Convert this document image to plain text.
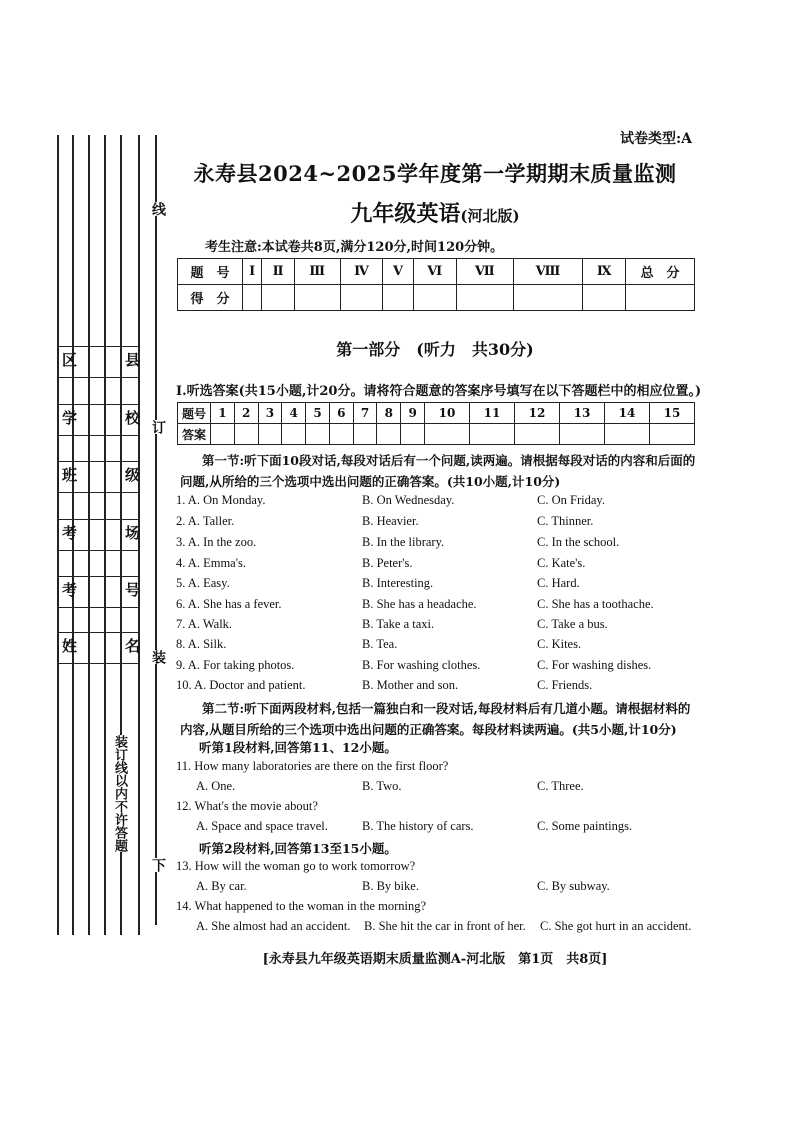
区	县
学	校
班	级
考	场
考	号
姓	名
线
订
装
下
装订线以内不许答题
试卷类型:A
永寿县2024~2025学年度第一学期期末质量监测
九年级英语(河北版)
考生注意:本试卷共8页,满分120分,时间120分钟。
题　号	Ⅰ	Ⅱ	Ⅲ	Ⅳ	Ⅴ	Ⅵ	Ⅶ	Ⅷ	Ⅸ	总　分
得　分										
第一部分　(听力　共30分)
Ⅰ.听选答案(共15小题,计20分。请将符合题意的答案序号填写在以下答题栏中的相应位置。)
题号	1	2	3	4	5	6	7	8	9	10	11	12	13	14	15
答案															
第一节:听下面10段对话,每段对话后有一个问题,读两遍。请根据每段对话的内容和后面的问题,从所给的三个选项中选出问题的正确答案。(共10小题,计10分)
1. A. On Monday.	B. On Wednesday.	C. On Friday.
2. A. Taller.	B. Heavier.	C. Thinner.
3. A. In the zoo.	B. In the library.	C. In the school.
4. A. Emma's.	B. Peter's.	C. Kate's.
5. A. Easy.	B. Interesting.	C. Hard.
6. A. She has a fever.	B. She has a headache.	C. She has a toothache.
7. A. Walk.	B. Take a taxi.	C. Take a bus.
8. A. Silk.	B. Tea.	C. Kites.
9. A. For taking photos.	B. For washing clothes.	C. For washing dishes.
10. A. Doctor and patient.	B. Mother and son.	C. Friends.
第二节:听下面两段材料,包括一篇独白和一段对话,每段材料后有几道小题。请根据材料的内容,从题目所给的三个选项中选出问题的正确答案。每段材料读两遍。(共5小题,计10分)
听第1段材料,回答第11、12小题。
11. How many laboratories are there on the first floor?
A. One.	B. Two.	C. Three.
12. What's the movie about?
A. Space and space travel.	B. The history of cars.	C. Some paintings.
听第2段材料,回答第13至15小题。
13. How will the woman go to work tomorrow?
A. By car.	B. By bike.	C. By subway.
14. What happened to the woman in the morning?
A. She almost had an accident. B. She hit the car in front of her. C. She got hurt in an accident.
[永寿县九年级英语期末质量监测A-河北版　第1页　共8页]
